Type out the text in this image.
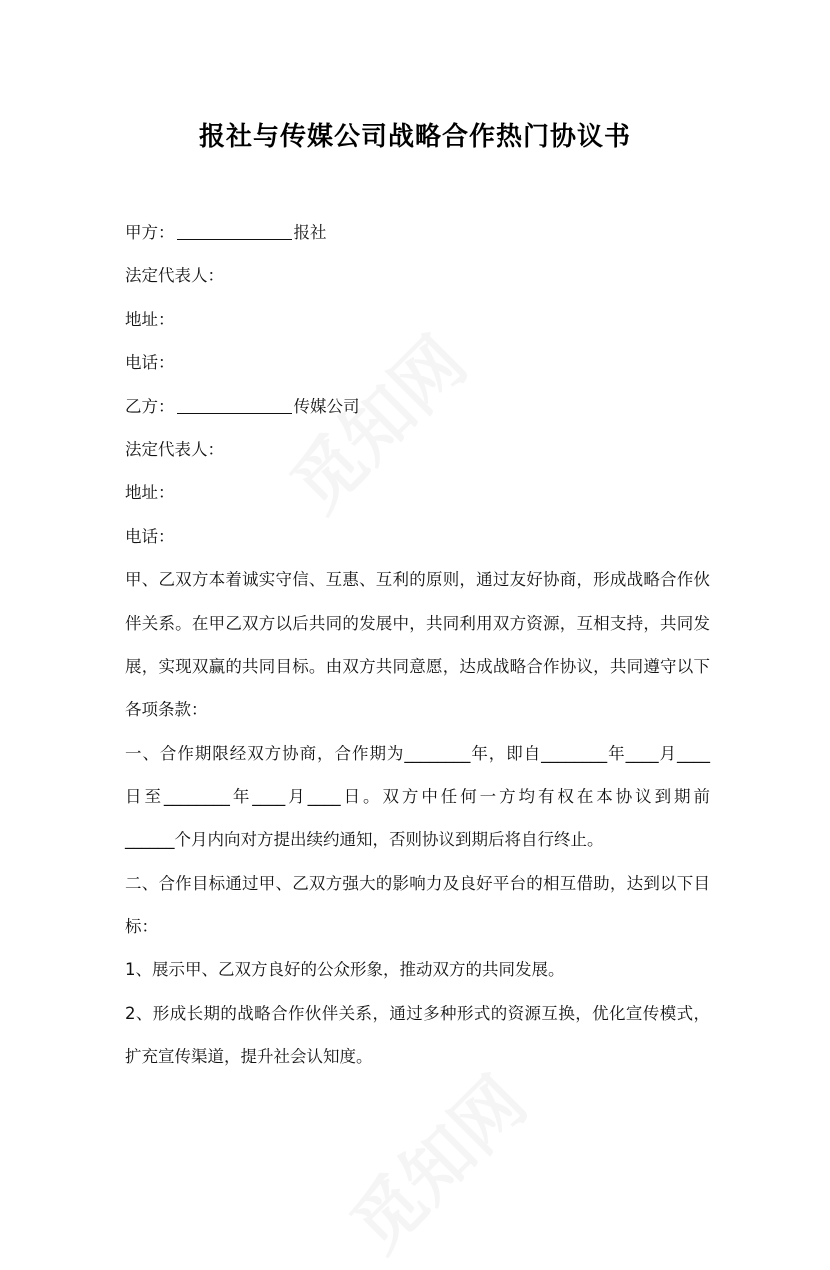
报社与传媒公司战略合作热门协议书
甲方：	报社
法定代表人：
地址：
电话：
乙方：	传媒公司
法定代表人：
地址：
电话：
甲、乙双方本着诚实守信、互惠、互利的原则，通过友好协商，形成战略合作伙
伴关系。在甲乙双方以后共同的发展中，共同利用双方资源，互相支持，共同发
展，实现双赢的共同目标。由双方共同意愿，达成战略合作协议，共同遵守以下
各项条款：
一、合作期限经双方协商，合作期为________年，即自________年____月____
日至________年____月____日。双方中任何一方均有权在本协议到期前
______个月内向对方提出续约通知，否则协议到期后将自行终止。
二、合作目标通过甲、乙双方强大的影响力及良好平台的相互借助，达到以下目
标：
1、展示甲、乙双方良好的公众形象，推动双方的共同发展。
2、形成长期的战略合作伙伴关系，通过多种形式的资源互换，优化宣传模式，
扩充宣传渠道，提升社会认知度。
